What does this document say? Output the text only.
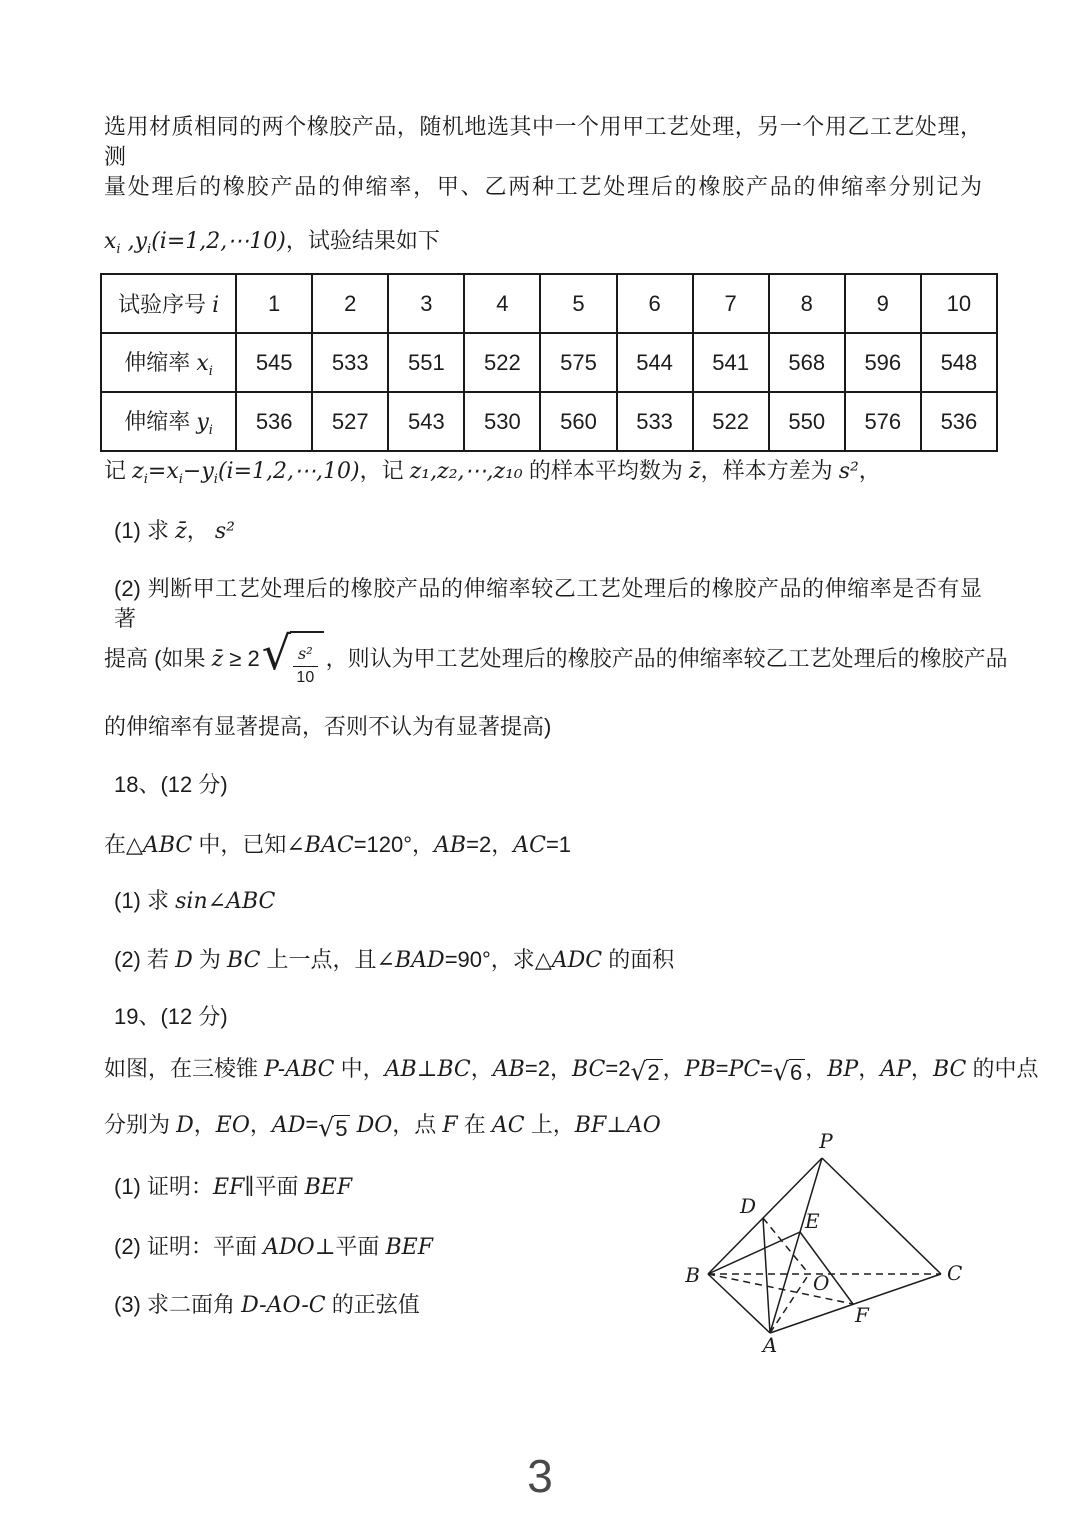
选用材质相同的两个橡胶产品，随机地选其中一个用甲工艺处理，另一个用乙工艺处理，测
量处理后的橡胶产品的伸缩率，甲、乙两种工艺处理后的橡胶产品的伸缩率分别记为
$x_i$ $,y_i(i=1,2,\cdots 10)$，试验结果如下
试验序号 i	1	2	3	4	5	6	7	8	9	10
伸缩率 $x_i$	545	533	551	522	575	544	541	568	596	548
伸缩率 $y_i$	536	527	543	530	560	533	522	550	576	536
记 $z_i=x_i-y_i(i=1,2,\cdots,10)$，记 z₁,z₂,⋯,z₁₀ 的样本平均数为 z̄，样本方差为 s²，
(1) 求 z̄， s²
(2) 判断甲工艺处理后的橡胶产品的伸缩率较乙工艺处理后的橡胶产品的伸缩率是否有显著
提高 (如果 z̄ ≥ 2 √ $\frac{\text{s²}}{10}$ ，则认为甲工艺处理后的橡胶产品的伸缩率较乙工艺处理后的橡胶产品
的伸缩率有显著提高，否则不认为有显著提高)
18、(12 分)
在△ABC 中，已知∠BAC=120°，AB=2，AC=1
(1) 求 sin∠ABC
(2) 若 D 为 BC 上一点，且∠BAD=90°，求△ADC 的面积
19、(12 分)
如图，在三棱锥 P-ABC 中，AB⊥BC，AB=2，BC=2 √ 2 ，PB=PC= √ 6 ，BP，AP，BC 的中点
分别为 D，EO，AD= √ 5 DO，点 F 在 AC 上，BF⊥AO
(1) 证明：EF∥平面 BEF
(2) 证明：平面 ADO⊥平面 BEF
(3) 求二面角 D-AO-C 的正弦值
P
B	C
A
D
E
O
F
3
